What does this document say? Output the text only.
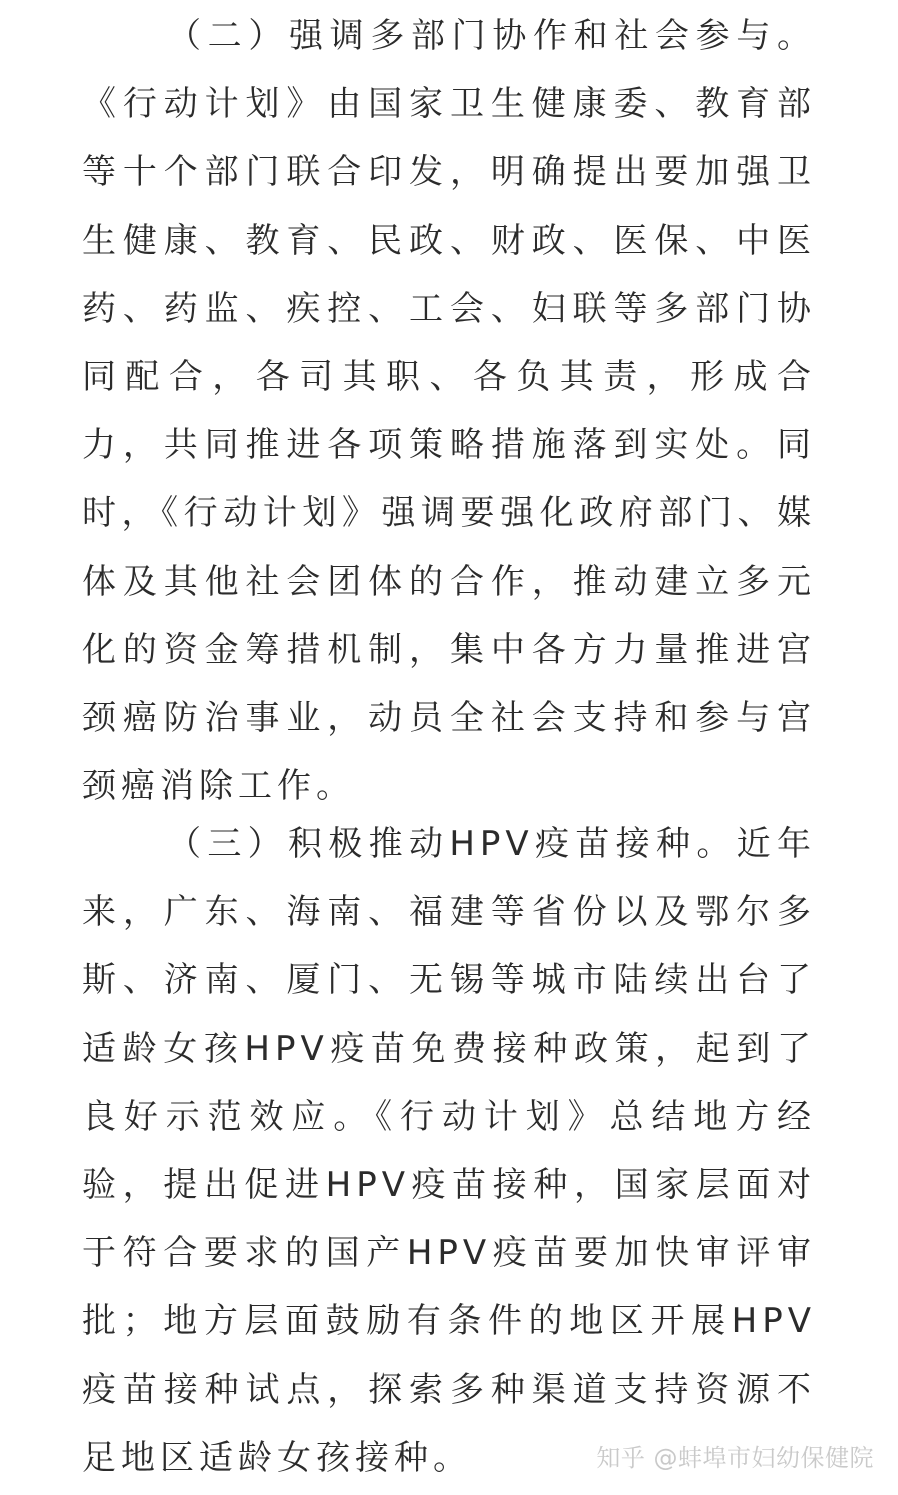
（二）强调多部门协作和社会参与。《行动计划》由国家卫生健康委、教育部等十个部门联合印发，明确提出要加强卫生健康、教育、民政、财政、医保、中医药、药监、疾控、工会、妇联等多部门协同配合，各司其职、各负其责，形成合力，共同推进各项策略措施落到实处。同时，《行动计划》强调要强化政府部门、媒体及其他社会团体的合作，推动建立多元化的资金筹措机制，集中各方力量推进宫颈癌防治事业，动员全社会支持和参与宫颈癌消除工作。

（三）积极推动HPV疫苗接种。近年来，广东、海南、福建等省份以及鄂尔多斯、济南、厦门、无锡等城市陆续出台了适龄女孩HPV疫苗免费接种政策，起到了良好示范效应。《行动计划》总结地方经验，提出促进HPV疫苗接种，国家层面对于符合要求的国产HPV疫苗要加快审评审批；地方层面鼓励有条件的地区开展HPV疫苗接种试点，探索多种渠道支持资源不足地区适龄女孩接种。	知乎 @蚌埠市妇幼保健院
